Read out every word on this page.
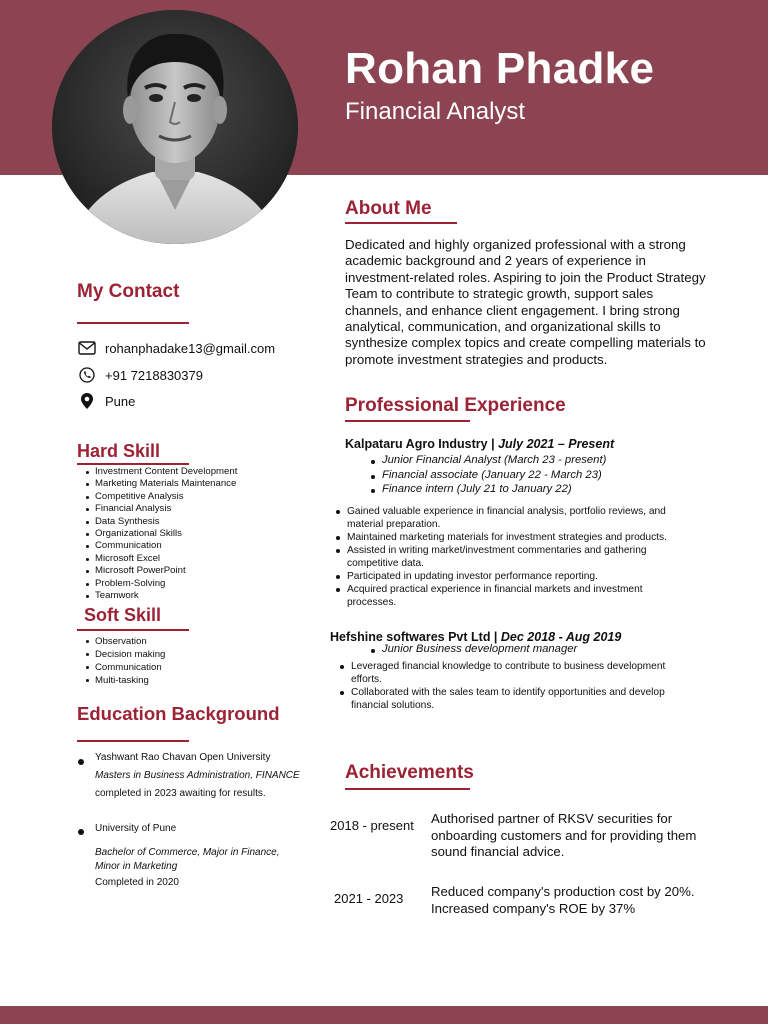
Rohan Phadke
Financial Analyst
About Me
Dedicated and highly organized professional with a strong academic background and 2 years of experience in investment-related roles. Aspiring to join the Product Strategy Team to contribute to strategic growth, support sales channels, and enhance client engagement. I bring strong analytical, communication, and organizational skills to synthesize complex topics and create compelling materials to promote investment strategies and products.
My Contact
rohanphadake13@gmail.com
+91 7218830379
Pune
Hard Skill
Investment Content Development
Marketing Materials Maintenance
Competitive Analysis
Financial Analysis
Data Synthesis
Organizational Skills
Communication
Microsoft Excel
Microsoft PowerPoint
Problem-Solving
Teamwork
Soft Skill
Observation
Decision making
Communication
Multi-tasking
Education Background
Yashwant Rao Chavan Open University
Masters in Business Administration, FINANCE
completed in 2023 awaiting for results.
University of Pune
Bachelor of Commerce, Major in Finance,
Minor in Marketing
Completed in 2020
Professional Experience
Kalpataru Agro Industry | July 2021 – Present
Junior Financial Analyst (March 23 - present)
Financial associate (January 22 - March 23)
Finance intern (July 21 to January 22)
Gained valuable experience in financial analysis, portfolio reviews, and material preparation.
Maintained marketing materials for investment strategies and products.
Assisted in writing market/investment commentaries and gathering competitive data.
Participated in updating investor performance reporting.
Acquired practical experience in financial markets and investment processes.
Hefshine softwares Pvt Ltd | Dec 2018 - Aug 2019
Junior Business development manager
Leveraged financial knowledge to contribute to business development efforts.
Collaborated with the sales team to identify opportunities and develop financial solutions.
Achievements
2018 - present Authorised partner of RKSV securities for onboarding customers and for providing them sound financial advice.
2021 - 2023 Reduced company's production cost by 20%. Increased company's ROE by 37%
